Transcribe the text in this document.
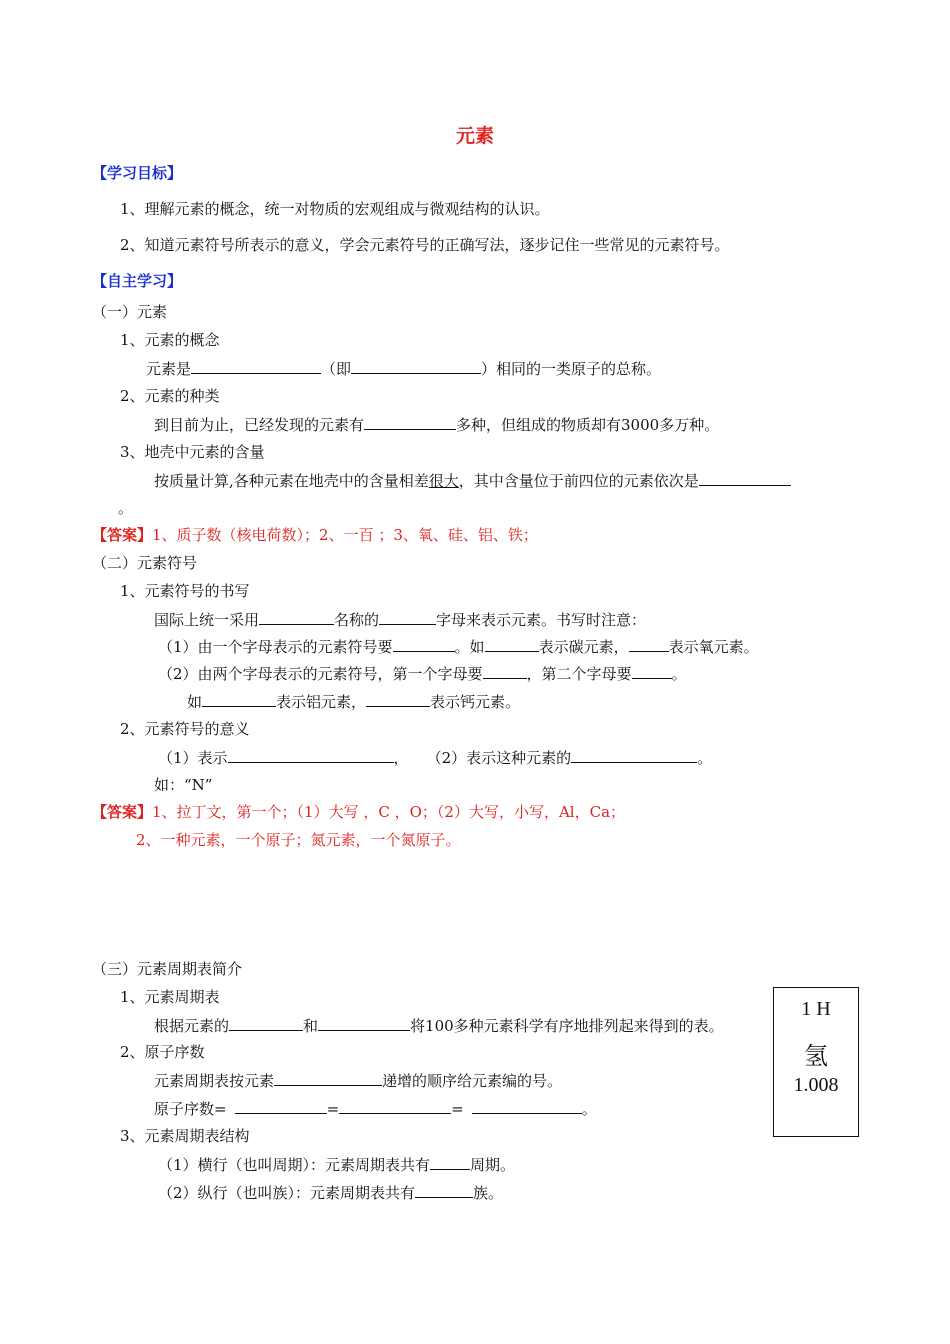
元素
【学习目标】
1、理解元素的概念，统一对物质的宏观组成与微观结构的认识。
2、知道元素符号所表示的意义，学会元素符号的正确写法，逐步记住一些常见的元素符号。
【自主学习】
（一）元素
1、元素的概念
元素是	（即	）相同的一类原子的总称。
2、元素的种类
到目前为止，已经发现的元素有	多种，但组成的物质却有3000多万种。
3、地壳中元素的含量
按质量计算,各种元素在地壳中的含量相差很大，其中含量位于前四位的元素依次是
。
【答案】1、质子数（核电荷数）；2、一百 ；3、氧、硅、铝、铁；
（二）元素符号
1、元素符号的书写
国际上统一采用	名称的	字母来表示元素。书写时注意：
（1）由一个字母表示的元素符号要	。如	表示碳元素，	表示氧元素。
（2）由两个字母表示的元素符号，第一个字母要	，第二个字母要	。
如	表示铝元素，	表示钙元素。
2、元素符号的意义
（1）表示	， （2）表示这种元素的	。
如：“N”
【答案】1、拉丁文，第一个；（1）大写 ，C ，O；（2）大写，小写，Al，Ca；
2、一种元素，一个原子；氮元素，一个氮原子。
（三）元素周期表简介
1、元素周期表
根据元素的	和	将100多种元素科学有序地排列起来得到的表。
2、原子序数
元素周期表按元素	递增的顺序给元素编的号。
原子序数=	=	=	。
3、元素周期表结构
（1）横行（也叫周期）：元素周期表共有	周期。
（2）纵行（也叫族）：元素周期表共有	族。
1 H
氢
1.008
